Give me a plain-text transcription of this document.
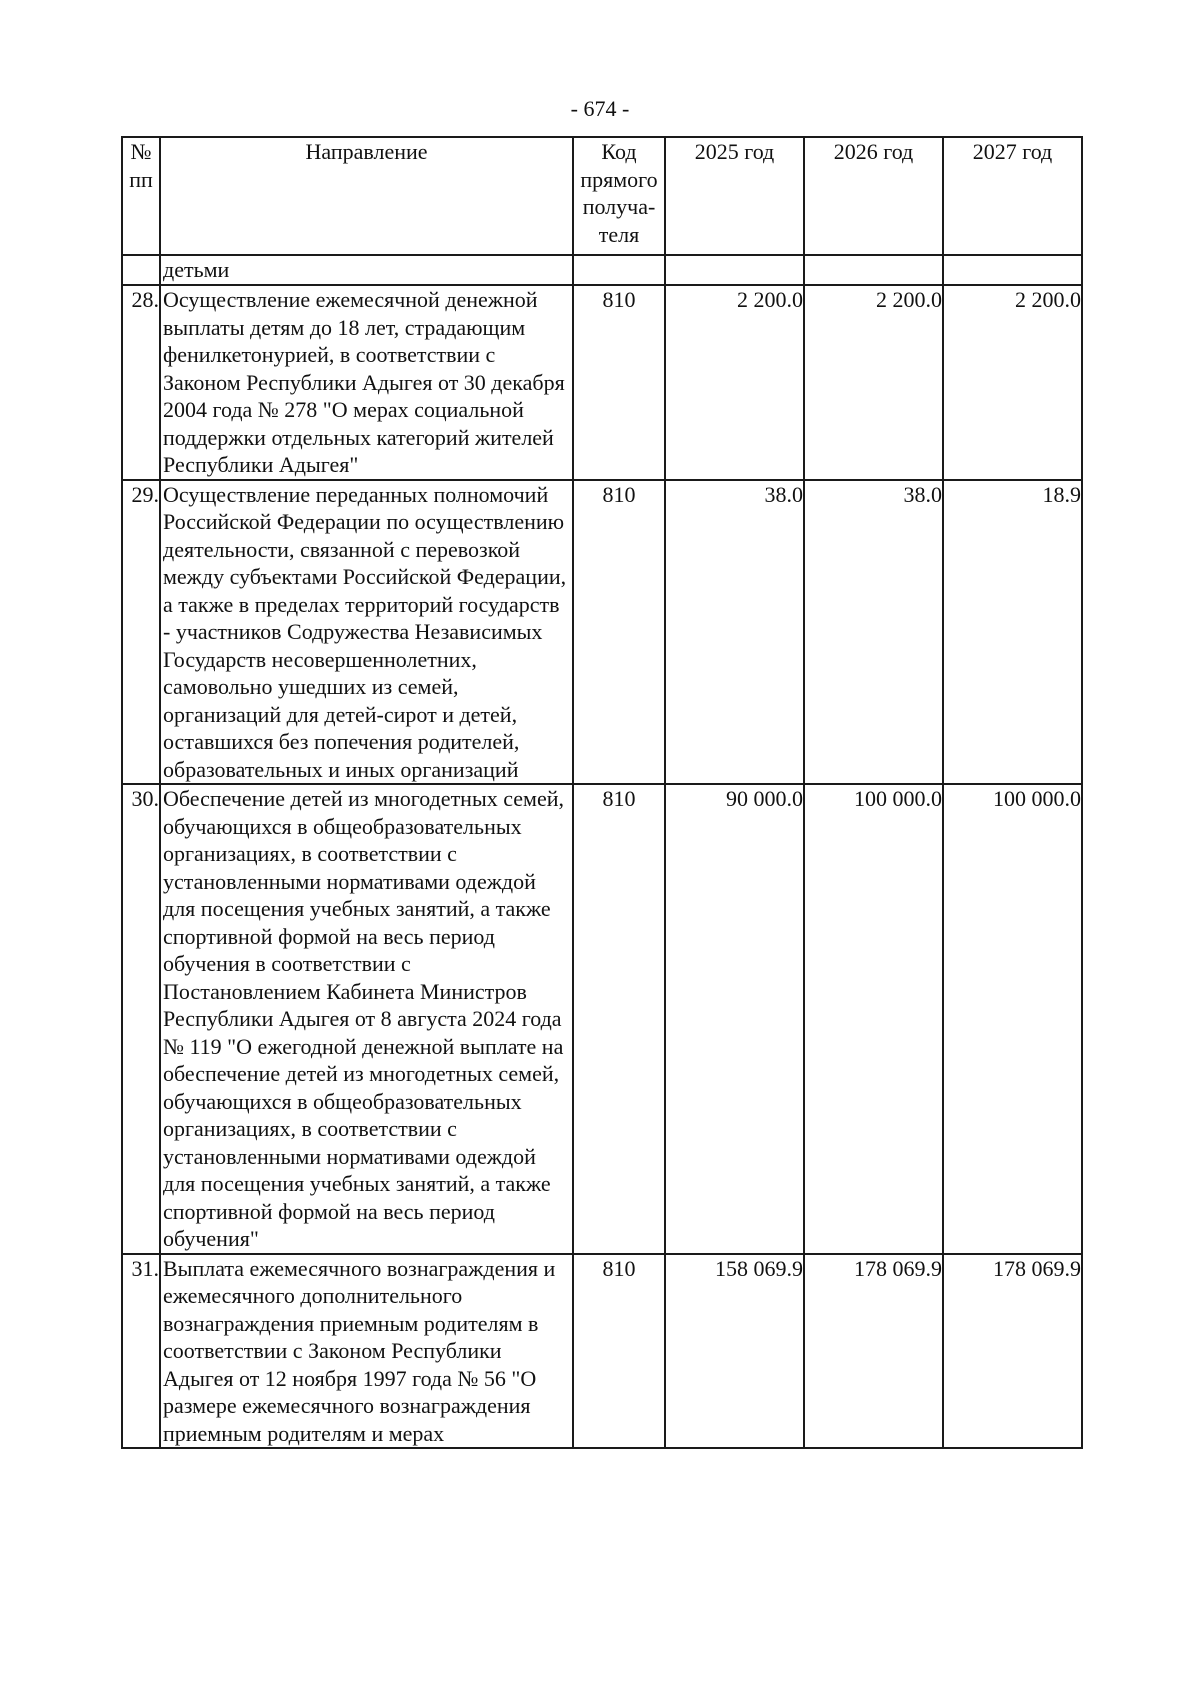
- 674 -
№ пп	Направление	Код прямого получа-теля	2025 год	2026 год	2027 год
	детьми				
28.	Осуществление ежемесячной денежной выплаты детям до 18 лет, страдающим фенилкетонурией, в соответствии с Законом Республики Адыгея от 30 декабря 2004 года № 278 "О мерах социальной поддержки отдельных категорий жителей Республики Адыгея"	810	2 200.0	2 200.0	2 200.0
29.	Осуществление переданных полномочий Российской Федерации по осуществлению деятельности, связанной с перевозкой между субъектами Российской Федерации, а также в пределах территорий государств - участников Содружества Независимых Государств несовершеннолетних, самовольно ушедших из семей, организаций для детей-сирот и детей, оставшихся без попечения родителей, образовательных и иных организаций	810	38.0	38.0	18.9
30.	Обеспечение детей из многодетных семей, обучающихся в общеобразовательных организациях, в соответствии с установленными нормативами одеждой для посещения учебных занятий, а также спортивной формой на весь период обучения в соответствии с Постановлением Кабинета Министров Республики Адыгея от 8 августа 2024 года № 119 "О ежегодной денежной выплате на обеспечение детей из многодетных семей, обучающихся в общеобразовательных организациях, в соответствии с установленными нормативами одеждой для посещения учебных занятий, а также спортивной формой на весь период обучения"	810	90 000.0	100 000.0	100 000.0
31.	Выплата ежемесячного вознаграждения и ежемесячного дополнительного вознаграждения приемным родителям в соответствии с Законом Республики Адыгея от 12 ноября 1997 года № 56 "О размере ежемесячного вознаграждения приемным родителям и мерах	810	158 069.9	178 069.9	178 069.9
